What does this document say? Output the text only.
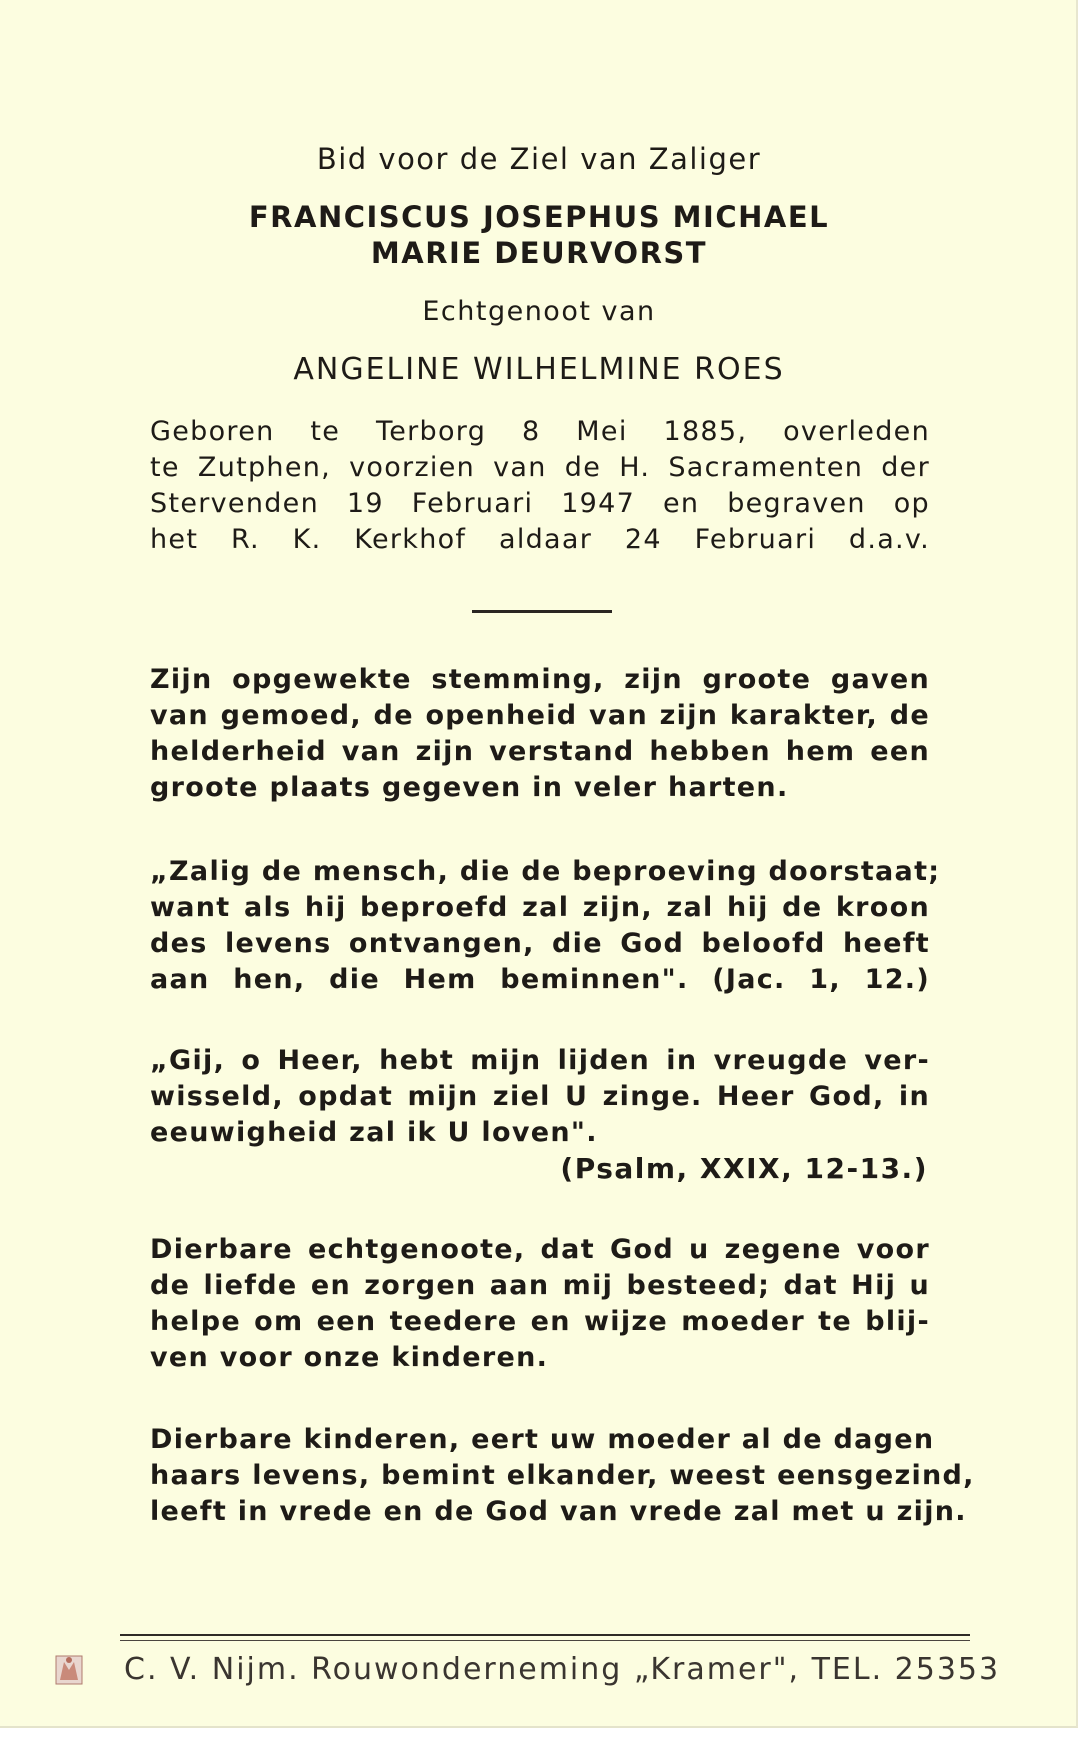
Bid voor de Ziel van Zaliger
FRANCISCUS JOSEPHUS MICHAEL
MARIE DEURVORST
Echtgenoot van
ANGELINE WILHELMINE ROES
Geboren te Terborg 8 Mei 1885, overleden
te Zutphen, voorzien van de H. Sacramenten der
Stervenden 19 Februari 1947 en begraven op
het R. K. Kerkhof aldaar 24 Februari d.a.v.
Zijn opgewekte stemming, zijn groote gaven
van gemoed, de openheid van zijn karakter, de
helderheid van zijn verstand hebben hem een
groote plaats gegeven in veler harten.
„Zalig de mensch, die de beproeving doorstaat;
want als hij beproefd zal zijn, zal hij de kroon
des levens ontvangen, die God beloofd heeft
aan hen, die Hem beminnen". (Jac. 1, 12.)
„Gij, o Heer, hebt mijn lijden in vreugde ver-
wisseld, opdat mijn ziel U zinge. Heer God, in
eeuwigheid zal ik U loven".
(Psalm, XXIX, 12-13.)
Dierbare echtgenoote, dat God u zegene voor
de liefde en zorgen aan mij besteed; dat Hij u
helpe om een teedere en wijze moeder te blij-
ven voor onze kinderen.
Dierbare kinderen, eert uw moeder al de dagen
haars levens, bemint elkander, weest eensgezind,
leeft in vrede en de God van vrede zal met u zijn.
C. V. Nijm. Rouwonderneming „Kramer", TEL. 25353
